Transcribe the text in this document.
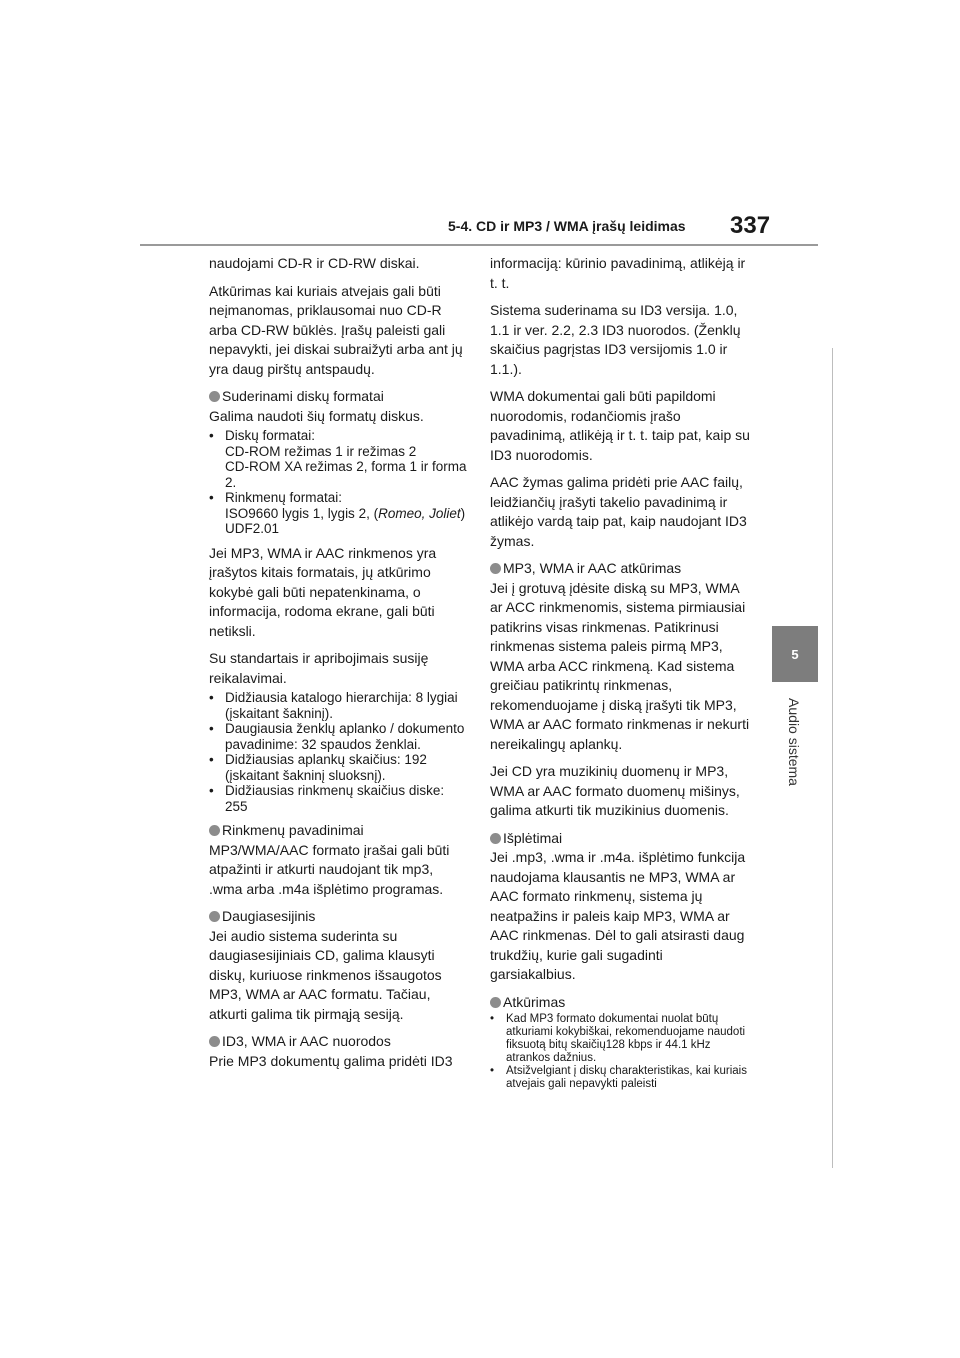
5-4. CD ir MP3 / WMA įrašų leidimas 337
5
Audio sistema

naudojami CD-R ir CD-RW diskai.

Atkūrimas kai kuriais atvejais gali būti neįmanomas, priklausomai nuo CD-R arba CD-RW būklės. Įrašų paleisti gali nepavykti, jei diskai subraižyti arba ant jų yra daug pirštų antspaudų.

Suderinami diskų formatai

Galima naudoti šių formatų diskus.

• Diskų formatai:
CD-ROM režimas 1 ir režimas 2
CD-ROM XA režimas 2, forma 1 ir forma 2.
• Rinkmenų formatai:
ISO9660 lygis 1, lygis 2, (Romeo, Joliet)
UDF2.01

Jei MP3, WMA ir AAC rinkmenos yra įrašytos kitais formatais, jų atkūrimo kokybė gali būti nepatenkinama, o informacija, rodoma ekrane, gali būti netiksli.

Su standartais ir apribojimais susiję reikalavimai.

• Didžiausia katalogo hierarchija: 8 lygiai (įskaitant šakninį).
• Daugiausia ženklų aplanko / dokumento pavadinime: 32 spaudos ženklai.
• Didžiausias aplankų skaičius: 192 (įskaitant šakninį sluoksnį).
• Didžiausias rinkmenų skaičius diske: 255

Rinkmenų pavadinimai

MP3/WMA/AAC formato įrašai gali būti atpažinti ir atkurti naudojant tik mp3, .wma arba .m4a išplėtimo programas.

Daugiasesijinis

Jei audio sistema suderinta su daugiasesijiniais CD, galima klausyti diskų, kuriuose rinkmenos išsaugotos MP3, WMA ar AAC formatu. Tačiau, atkurti galima tik pirmąją sesiją.

ID3, WMA ir AAC nuorodos

Prie MP3 dokumentų galima pridėti ID3

informaciją: kūrinio pavadinimą, atlikėją ir t. t.

Sistema suderinama su ID3 versija. 1.0, 1.1 ir ver. 2.2, 2.3 ID3 nuorodos. (Ženklų skaičius pagrįstas ID3 versijomis 1.0 ir 1.1.).

WMA dokumentai gali būti papildomi nuorodomis, rodančiomis įrašo pavadinimą, atlikėją ir t. t. taip pat, kaip su ID3 nuorodomis.

AAC žymas galima pridėti prie AAC failų, leidžiančių įrašyti takelio pavadinimą ir atlikėjo vardą taip pat, kaip naudojant ID3 žymas.

MP3, WMA ir AAC atkūrimas

Jei į grotuvą įdėsite diską su MP3, WMA ar ACC rinkmenomis, sistema pirmiausiai patikrins visas rinkmenas. Patikrinusi rinkmenas sistema paleis pirmą MP3, WMA arba ACC rinkmeną. Kad sistema greičiau patikrintų rinkmenas, rekomenduojame į diską įrašyti tik MP3, WMA ar AAC formato rinkmenas ir nekurti nereikalingų aplankų.

Jei CD yra muzikinių duomenų ir MP3, WMA ar AAC formato duomenų mišinys, galima atkurti tik muzikinius duomenis.

Išplėtimai

Jei .mp3, .wma ir .m4a. išplėtimo funkcija naudojama klausantis ne MP3, WMA ar AAC formato rinkmenų, sistema jų neatpažins ir paleis kaip MP3, WMA ar AAC rinkmenas. Dėl to gali atsirasti daug trukdžių, kurie gali sugadinti garsiakalbius.

Atkūrimas

• Kad MP3 formato dokumentai nuolat būtų atkuriami kokybiškai, rekomenduojame naudoti fiksuotą bitų skaičių128 kbps ir 44.1 kHz atrankos dažnius.
• Atsižvelgiant į diskų charakteristikas, kai kuriais atvejais gali nepavykti paleisti
